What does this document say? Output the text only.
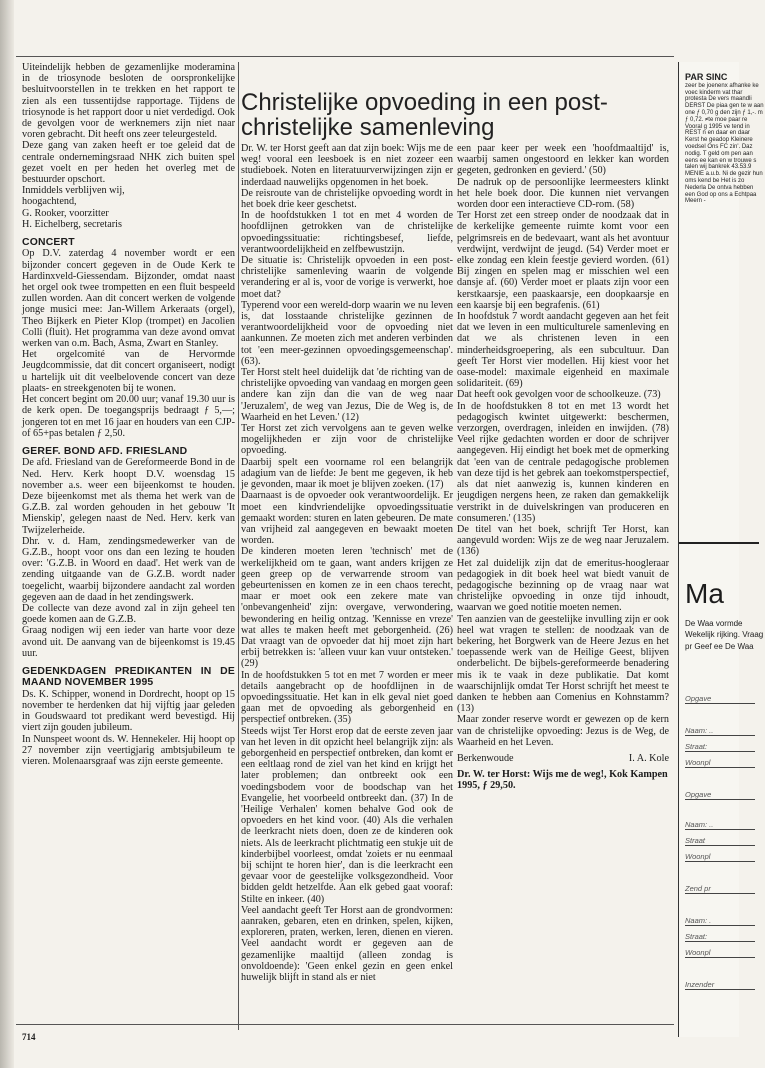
Uiteindelijk hebben de gezamenlijke moderamina in de triosynode besloten de oorspronkelijke besluitvoorstellen in te trekken en het rapport te zien als een tussentijdse rapportage. Tijdens de triosynode is het rapport door u niet verdedigd. Ook de gevolgen voor de werknemers zijn niet naar voren gebracht. Dit heeft ons zeer teleurgesteld.

Deze gang van zaken heeft er toe geleid dat de centrale ondernemingsraad NHK zich buiten spel gezet voelt en per heden het overleg met de bestuurder opschort.

Inmiddels verblijven wij,

hoogachtend,

G. Rooker, voorzitter

H. Eichelberg, secretaris

CONCERT

Op D.V. zaterdag 4 november wordt er een bijzonder concert gegeven in de Oude Kerk te Hardinxveld-Giessendam. Bijzonder, omdat naast het orgel ook twee trompetten en een fluit bespeeld zullen worden. Aan dit concert werken de volgende jonge musici mee: Jan-Willem Arkeraats (orgel), Theo Bijkerk en Pieter Klop (trompet) en Jacolien Colli (fluit). Het programma van deze avond omvat werken van o.m. Bach, Asma, Zwart en Stanley.

Het orgelcomité van de Hervormde Jeugdcommissie, dat dit concert organiseert, nodigt u hartelijk uit dit veelbelovende concert van deze plaats- en streekgenoten bij te wonen.

Het concert begint om 20.00 uur; vanaf 19.30 uur is de kerk open. De toegangsprijs bedraagt ƒ 5,—; jongeren tot en met 16 jaar en houders van een CJP- of 65+pas betalen ƒ 2,50.

GEREF. BOND AFD. FRIESLAND

De afd. Friesland van de Gereformeerde Bond in de Ned. Herv. Kerk hoopt D.V. woensdag 15 november a.s. weer een bijeenkomst te houden. Deze bijeenkomst met als thema het werk van de G.Z.B. zal worden gehouden in het gebouw 'It Mienskip', gelegen naast de Ned. Herv. kerk van Twijzelerheide.

Dhr. v. d. Ham, zendingsmedewerker van de G.Z.B., hoopt voor ons dan een lezing te houden over: 'G.Z.B. in Woord en daad'. Het werk van de zending uitgaande van de G.Z.B. wordt nader toegelicht, waarbij bijzondere aandacht zal worden gegeven aan de daad in het zendingswerk.

De collecte van deze avond zal in zijn geheel ten goede komen aan de G.Z.B.

Graag nodigen wij een ieder van harte voor deze avond uit. De aanvang van de bijeenkomst is 19.45 uur.

GEDENKDAGEN PREDIKANTEN IN DE MAAND NOVEMBER 1995

Ds. K. Schipper, wonend in Dordrecht, hoopt op 15 november te herdenken dat hij vijftig jaar geleden in Goudswaard tot predikant werd bevestigd. Hij viert zijn gouden jubileum.

In Nunspeet woont ds. W. Hennekeler. Hij hoopt op 27 november zijn veertigjarig ambtsjubileum te vieren. Molenaarsgraaf was zijn eerste gemeente.

Christelijke opvoeding in een post-christelijke samenleving

Dr. W. ter Horst geeft aan dat zijn boek: Wijs me de weg! vooral een leesboek is en niet zozeer een studieboek. Noten en literatuurverwijzingen zijn er inderdaad nauwelijks opgenomen in het boek.

De reisroute van de christelijke opvoeding wordt in het boek drie keer geschetst.

In de hoofdstukken 1 tot en met 4 worden de hoofdlijnen getrokken van de christelijke opvoedingssituatie: richtingsbesef, liefde, verantwoordelijkheid en zelfbewustzijn.

De situatie is: Christelijk opvoeden in een post-christelijke samenleving waarin de volgende verandering er al is, voor de vorige is verwerkt, hoe moet dat?

Typerend voor een wereld-dorp waarin we nu leven is, dat losstaande christelijke gezinnen de verantwoordelijkheid voor de opvoeding niet aankunnen. Ze moeten zich met anderen verbinden tot 'een meer-gezinnen opvoedingsgemeenschap'. (63).

Ter Horst stelt heel duidelijk dat 'de richting van de christelijke opvoeding van vandaag en morgen geen andere kan zijn dan die van de weg naar 'Jeruzalem', de weg van Jezus, Die de Weg is, de Waarheid en het Leven.' (12)

Ter Horst zet zich vervolgens aan te geven welke mogelijkheden er zijn voor de christelijke opvoeding.

Daarbij spelt een voorname rol een belangrijk adagium van de liefde: Je bent me gegeven, ik heb je gevonden, maar ik moet je blijven zoeken. (17)

Daarnaast is de opvoeder ook verantwoordelijk. Er moet een kindvriendelijke opvoedingssituatie gemaakt worden: sturen en laten gebeuren. De mate van vrijheid zal aangegeven en bewaakt moeten worden.

De kinderen moeten leren 'technisch' met de werkelijkheid om te gaan, want anders krijgen ze geen greep op de verwarrende stroom van gebeurtenissen en komen ze in een chaos terecht, maar er moet ook een zekere mate van 'onbevangenheid' zijn: overgave, verwondering, bewondering en heilig ontzag. 'Kennisse en vreze' wat alles te maken heeft met geborgenheid. (26) Dat vraagt van de opvoeder dat hij moet zijn hart erbij betrekken is: 'alleen vuur kan vuur ontsteken.' (29)

In de hoofdstukken 5 tot en met 7 worden er meer details aangebracht op de hoofdlijnen in de opvoedingssituatie. Het kan in elk geval niet goed gaan met de opvoeding als geborgenheid en perspectief ontbreken. (35)

Steeds wijst Ter Horst erop dat de eerste zeven jaar van het leven in dit opzicht heel belangrijk zijn: als geborgenheid en perspectief ontbreken, dan komt er een eeltlaag rond de ziel van het kind en krijgt het later problemen; dan ontbreekt ook een voedingsbodem voor de boodschap van het Evangelie, het voorbeeld ontbreekt dan. (37) In de 'Heilige Verhalen' komen behalve God ook de opvoeders en het kind voor. (40) Als die verhalen de leerkracht niets doen, doen ze de kinderen ook niets. Als de leerkracht plichtmatig een stukje uit de kinderbijbel voorleest, omdat 'zoiets er nu eenmaal bij schijnt te horen hier', dan is die leerkracht een gevaar voor de geestelijke volksgezondheid. Voor bidden geldt hetzelfde. Aan elk gebed gaat vooraf: Stilte en inkeer. (40)

Veel aandacht geeft Ter Horst aan de grondvormen: aanraken, gebaren, eten en drinken, spelen, kijken, exploreren, praten, werken, leren, dienen en vieren. Veel aandacht wordt er gegeven aan de gezamenlijke maaltijd (alleen zondag is onvoldoende): 'Geen enkel gezin en geen enkel huwelijk blijft in stand als er niet

een paar keer per week een 'hoofdmaaltijd' is, waarbij samen ongestoord en lekker kan worden gegeten, gedronken en gevierd.' (50)

De nadruk op de persoonlijke leermeesters klinkt het hele boek door. Die kunnen niet vervangen worden door een interactieve CD-rom. (58)

Ter Horst zet een streep onder de noodzaak dat in de kerkelijke gemeente ruimte komt voor een pelgrimsreis en de bedevaart, want als het avontuur verdwijnt, verdwijnt de jeugd. (54) Verder moet er elke zondag een klein feestje gevierd worden. (61) Bij zingen en spelen mag er misschien wel een dansje af. (60) Verder moet er plaats zijn voor een kerstkaarsje, een paaskaarsje, een doopkaarsje en een kaarsje bij een begrafenis. (61)

In hoofdstuk 7 wordt aandacht gegeven aan het feit dat we leven in een multiculturele samenleving en dat we als christenen leven in een minderheidsgroepering, als een subcultuur. Dan geeft Ter Horst vier modellen. Hij kiest voor het oase-model: maximale eigenheid en maximale solidariteit. (69)

Dat heeft ook gevolgen voor de schoolkeuze. (73)

In de hoofdstukken 8 tot en met 13 wordt het pedagogisch kwintet uitgewerkt: beschermen, verzorgen, overdragen, inleiden en inwijden. (78) Veel rijke gedachten worden er door de schrijver aangegeven. Hij eindigt het boek met de opmerking dat 'een van de centrale pedagogische problemen van deze tijd is het gebrek aan toekomstperspectief, als dat niet aanwezig is, kunnen kinderen en jeugdigen nergens heen, ze raken dan gemakkelijk verstrikt in de duivelskringen van produceren en consumeren.' (135)

De titel van het boek, schrijft Ter Horst, kan aangevuld worden: Wijs ze de weg naar Jeruzalem. (136)

Het zal duidelijk zijn dat de emeritus-hoogleraar pedagogiek in dit boek heel wat biedt vanuit de pedagogische bezinning op de vraag naar wat christelijke opvoeding in onze tijd inhoudt, waarvan we goed notitie moeten nemen.

Ten aanzien van de geestelijke invulling zijn er ook heel wat vragen te stellen: de noodzaak van de bekering, het Borgwerk van de Heere Jezus en het toepassende werk van de Heilige Geest, blijven onderbelicht. De bijbels-gereformeerde benadering mis ik te vaak in deze publikatie. Dat komt waarschijnlijk omdat Ter Horst schrijft het meest te danken te hebben aan Comenius en Kohnstamm? (13)

Maar zonder reserve wordt er gewezen op de kern van de christelijke opvoeding: Jezus is de Weg, de Waarheid en het Leven.

Berkenwoude	I. A. Kole

Dr. W. ter Horst: Wijs me de weg!, Kok Kampen 1995, ƒ 29,50.

714
PAR SINC
zeer be joenenx afhanke ke voec kinderm vat thar protesta De vers maandli DERST De piaa gen te w aan one ƒ 0,70 g den zijn ƒ 1,-. m ƒ 0,72. ≠te moe paar re Vooral g 1995 ve tend in REST n en daar en daar Kerst he geadop Kleinere voedsel Ons FC zin'. Daz nodig. T geld om pen aan eens ee kan en w trouwe s talen wij bankrek 43.53.9 MENIE a.u.b. Ni de gezir hun oms kend be Het is zo Nederla De ontva hebben een God op ons a Echtpaa Meern -
Ma
De Waa vormde Wekelijk rijking. Vraag pr Geef ee De Waa
Opgave
Naam: ..
Straat:
Woonpl
Opgave
Naam: ..
Straat
Woonpl
Zend pr
Naam: .
Straat:
Woonpl
Inzender
